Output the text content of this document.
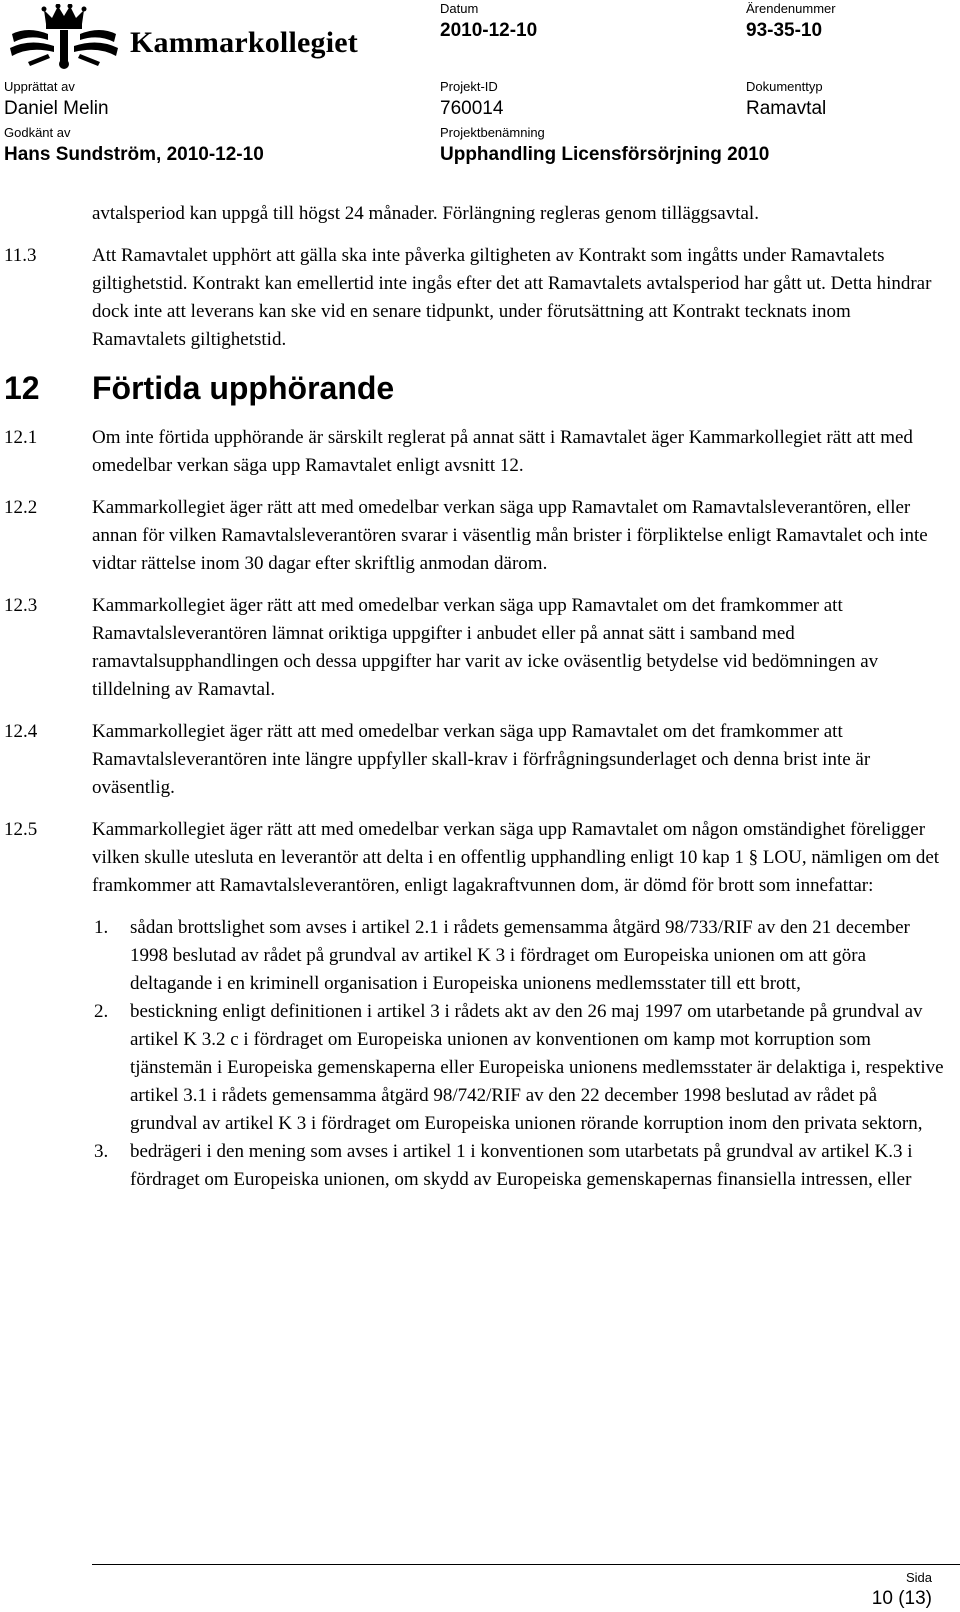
Kammarkollegiet
Datum
2010-12-10
Ärendenummer
93-35-10
Upprättat av
Daniel Melin
Projekt-ID
760014
Dokumenttyp
Ramavtal
Godkänt av
Hans Sundström, 2010-12-10
Projektbenämning
Upphandling Licensförsörjning 2010
avtalsperiod kan uppgå till högst 24 månader. Förlängning regleras genom tilläggsavtal.
11.3	Att Ramavtalet upphört att gälla ska inte påverka giltigheten av Kontrakt som ingåtts under Ramavtalets giltighetstid. Kontrakt kan emellertid inte ingås efter det att Ramavtalets avtalsperiod har gått ut. Detta hindrar dock inte att leverans kan ske vid en senare tidpunkt, under förutsättning att Kontrakt tecknats inom Ramavtalets giltighetstid.
12 Förtida upphörande
12.1	Om inte förtida upphörande är särskilt reglerat på annat sätt i Ramavtalet äger Kammarkollegiet rätt att med omedelbar verkan säga upp Ramavtalet enligt avsnitt 12.
12.2	Kammarkollegiet äger rätt att med omedelbar verkan säga upp Ramavtalet om Ramavtalsleverantören, eller annan för vilken Ramavtalsleverantören svarar i väsentlig mån brister i förpliktelse enligt Ramavtalet och inte vidtar rättelse inom 30 dagar efter skriftlig anmodan därom.
12.3	Kammarkollegiet äger rätt att med omedelbar verkan säga upp Ramavtalet om det framkommer att Ramavtalsleverantören lämnat oriktiga uppgifter i anbudet eller på annat sätt i samband med ramavtalsupphandlingen och dessa uppgifter har varit av icke oväsentlig betydelse vid bedömningen av tilldelning av Ramavtal.
12.4	Kammarkollegiet äger rätt att med omedelbar verkan säga upp Ramavtalet om det framkommer att Ramavtalsleverantören inte längre uppfyller skall-krav i förfrågningsunderlaget och denna brist inte är oväsentlig.
12.5	Kammarkollegiet äger rätt att med omedelbar verkan säga upp Ramavtalet om någon omständighet föreligger vilken skulle utesluta en leverantör att delta i en offentlig upphandling enligt 10 kap 1 § LOU, nämligen om det framkommer att Ramavtalsleverantören, enligt lagakraftvunnen dom, är dömd för brott som innefattar:
1. sådan brottslighet som avses i artikel 2.1 i rådets gemensamma åtgärd 98/733/RIF av den 21 december 1998 beslutad av rådet på grundval av artikel K 3 i fördraget om Europeiska unionen om att göra deltagande i en kriminell organisation i Europeiska unionens medlemsstater till ett brott,
2. bestickning enligt definitionen i artikel 3 i rådets akt av den 26 maj 1997 om utarbetande på grundval av artikel K 3.2 c i fördraget om Europeiska unionen av konventionen om kamp mot korruption som tjänstemän i Europeiska gemenskaperna eller Europeiska unionens medlemsstater är delaktiga i, respektive artikel 3.1 i rådets gemensamma åtgärd 98/742/RIF av den 22 december 1998 beslutad av rådet på grundval av artikel K 3 i fördraget om Europeiska unionen rörande korruption inom den privata sektorn,
3. bedrägeri i den mening som avses i artikel 1 i konventionen som utarbetats på grundval av artikel K.3 i fördraget om Europeiska unionen, om skydd av Europeiska gemenskapernas finansiella intressen, eller
Sida
10 (13)
